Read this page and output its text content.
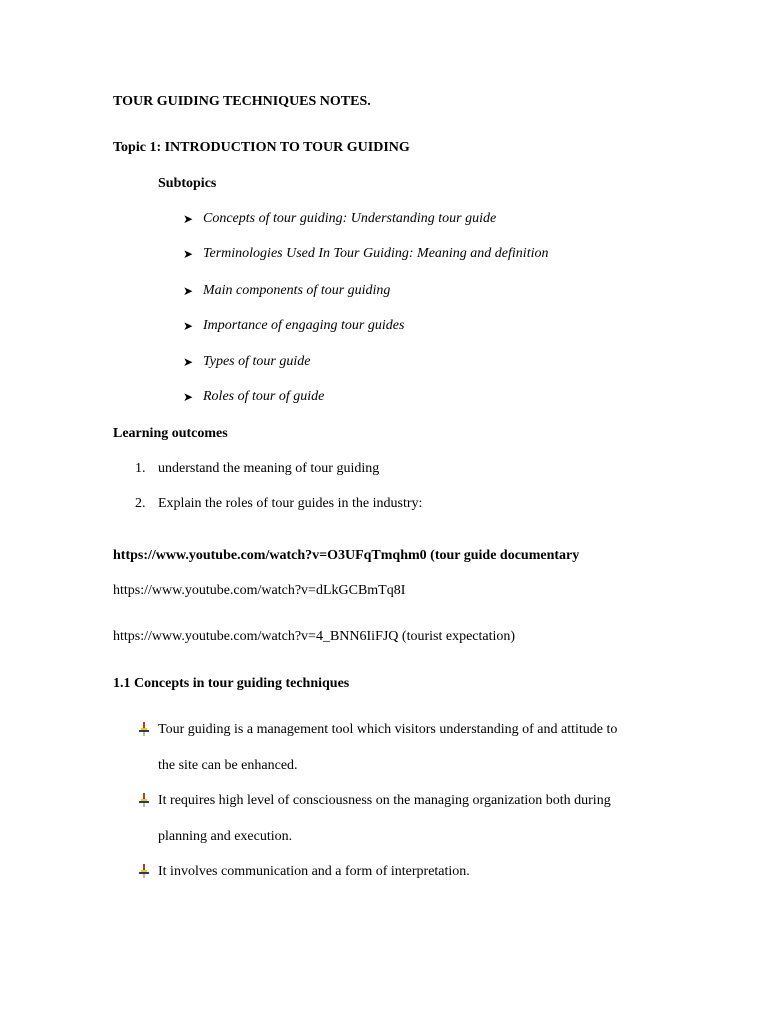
TOUR GUIDING TECHNIQUES NOTES.
Topic 1: INTRODUCTION TO TOUR GUIDING
Subtopics
➤ Concepts of tour guiding: Understanding tour guide
➤ Terminologies Used In Tour Guiding: Meaning and definition
➤ Main components of tour guiding
➤ Importance of engaging tour guides
➤ Types of tour guide
➤ Roles of tour of guide
Learning outcomes
1. understand the meaning of tour guiding
2. Explain the roles of tour guides in the industry:
https://www.youtube.com/watch?v=O3UFqTmqhm0 (tour guide documentary
https://www.youtube.com/watch?v=dLkGCBmTq8I
https://www.youtube.com/watch?v=4_BNN6IiFJQ (tourist expectation)
1.1 Concepts in tour guiding techniques
Tour guiding is a management tool which visitors understanding of and attitude to
the site can be enhanced.
It requires high level of consciousness on the managing organization both during
planning and execution.
It involves communication and a form of interpretation.
